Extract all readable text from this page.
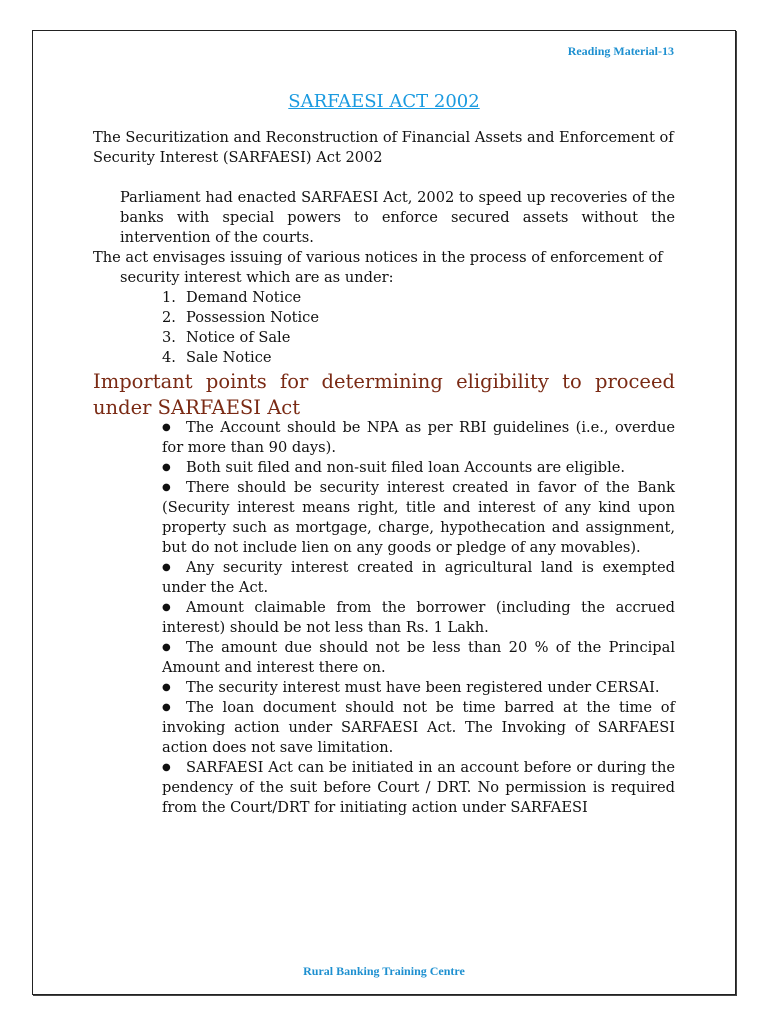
Reading Material-13
SARFAESI ACT 2002
The Securitization and Reconstruction of Financial Assets and Enforcement of Security Interest (SARFAESI) Act 2002
Parliament had enacted SARFAESI Act, 2002 to speed up recoveries of the banks with special powers to enforce secured assets without the intervention of the courts.
The act envisages issuing of various notices in the process of enforcement of
security interest which are as under:
1. Demand Notice
2. Possession Notice
3. Notice of Sale
4. Sale Notice
Important points for determining eligibility to proceed under SARFAESI Act
● The Account should be NPA as per RBI guidelines (i.e., overdue for more than 90 days).
● Both suit filed and non-suit filed loan Accounts are eligible.
● There should be security interest created in favor of the Bank (Security interest means right, title and interest of any kind upon property such as mortgage, charge, hypothecation and assignment, but do not include lien on any goods or pledge of any movables).
● Any security interest created in agricultural land is exempted under the Act.
● Amount claimable from the borrower (including the accrued interest) should be not less than Rs. 1 Lakh.
● The amount due should not be less than 20 % of the Principal Amount and interest there on.
● The security interest must have been registered under CERSAI.
● The loan document should not be time barred at the time of invoking action under SARFAESI Act. The Invoking of SARFAESI action does not save limitation.
● SARFAESI Act can be initiated in an account before or during the pendency of the suit before Court / DRT. No permission is required from the Court/DRT for initiating action under SARFAESI
Rural Banking Training Centre
